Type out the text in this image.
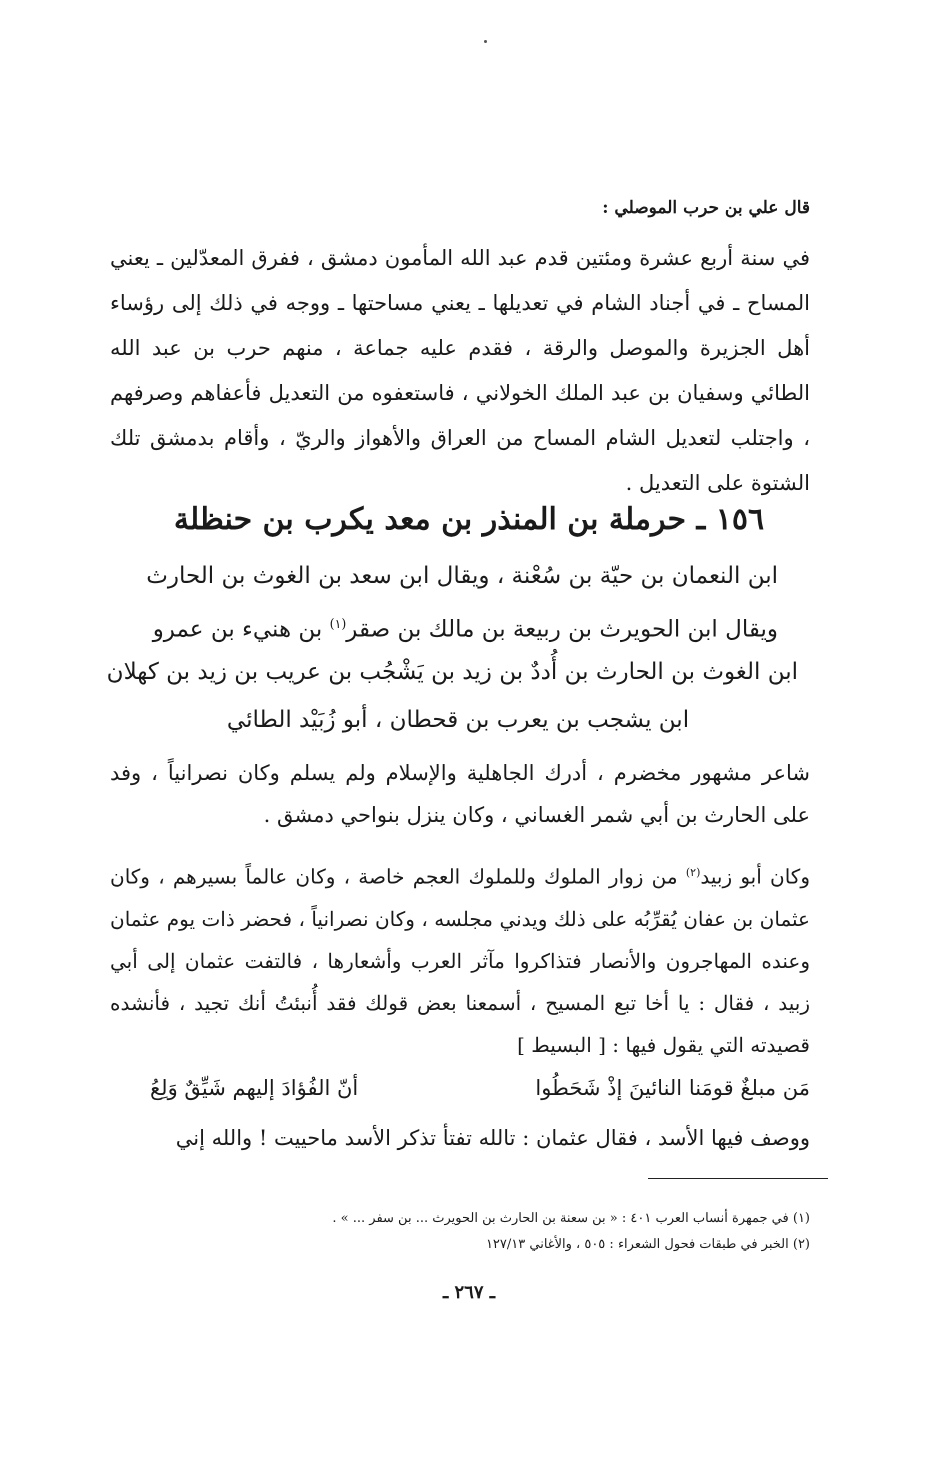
قال علي بن حرب الموصلي :

في سنة أربع عشرة ومئتين قدم عبد الله المأمون دمشق ، ففرق المعدّلين ـ يعني المساح ـ في أجناد الشام في تعديلها ـ يعني مساحتها ـ ووجه في ذلك إلى رؤساء أهل الجزيرة والموصل والرقة ، فقدم عليه جماعة ، منهم حرب بن عبد الله الطائي وسفيان بن عبد الملك الخولاني ، فاستعفوه من التعديل فأعفاهم وصرفهم ، واجتلب لتعديل الشام المساح من العراق والأهواز والريّ ، وأقام بدمشق تلك الشتوة على التعديل .

١٥٦ ـ حرملة بن المنذر بن معد يكرب بن حنظلة
ابن النعمان بن حيّة بن سُعْنة ، ويقال ابن سعد بن الغوث بن الحارث
ويقال ابن الحويرث بن ربيعة بن مالك بن صقر$^{(١)}$ بن هنيء بن عمرو
ابن الغوث بن الحارث بن أُددٌ بن زيد بن يَشْجُب بن عريب بن زيد بن كهلان
ابن يشجب بن يعرب بن قحطان ، أبو زُبَيْد الطائي

شاعر مشهور مخضرم ، أدرك الجاهلية والإسلام ولم يسلم وكان نصرانياً ، وفد على الحارث بن أبي شمر الغساني ، وكان ينزل بنواحي دمشق .

وكان أبو زبيد$^{(٢)}$ من زوار الملوك وللملوك العجم خاصة ، وكان عالماً بسيرهم ، وكان عثمان بن عفان يُقرِّبُه على ذلك ويدني مجلسه ، وكان نصرانياً ، فحضر ذات يوم عثمان وعنده المهاجرون والأنصار فتذاكروا مآثر العرب وأشعارها ، فالتفت عثمان إلى أبي زبيد ، فقال : يا أخا تبع المسيح ، أسمعنا بعض قولك فقد أُنبئتُ أنك تجيد ، فأنشده قصيدته التي يقول فيها : [ البسيط ]

مَن مبلغٌ قومَنا النائينَ إذْ شَحَطُوا
أنّ الفُؤادَ إليهم شَيِّقٌ وَلِعُ

ووصف فيها الأسد ، فقال عثمان : تالله تفتأ تذكر الأسد ماحييت ! والله إني

(١) في جمهرة أنساب العرب ٤٠١ : « بن سعنة بن الحارث بن الحويرث ... بن سفر ... » .
(٢) الخبر في طبقات فحول الشعراء : ٥٠٥ ، والأغاني ١٢٧/١٣
ـ ٢٦٧ ـ
